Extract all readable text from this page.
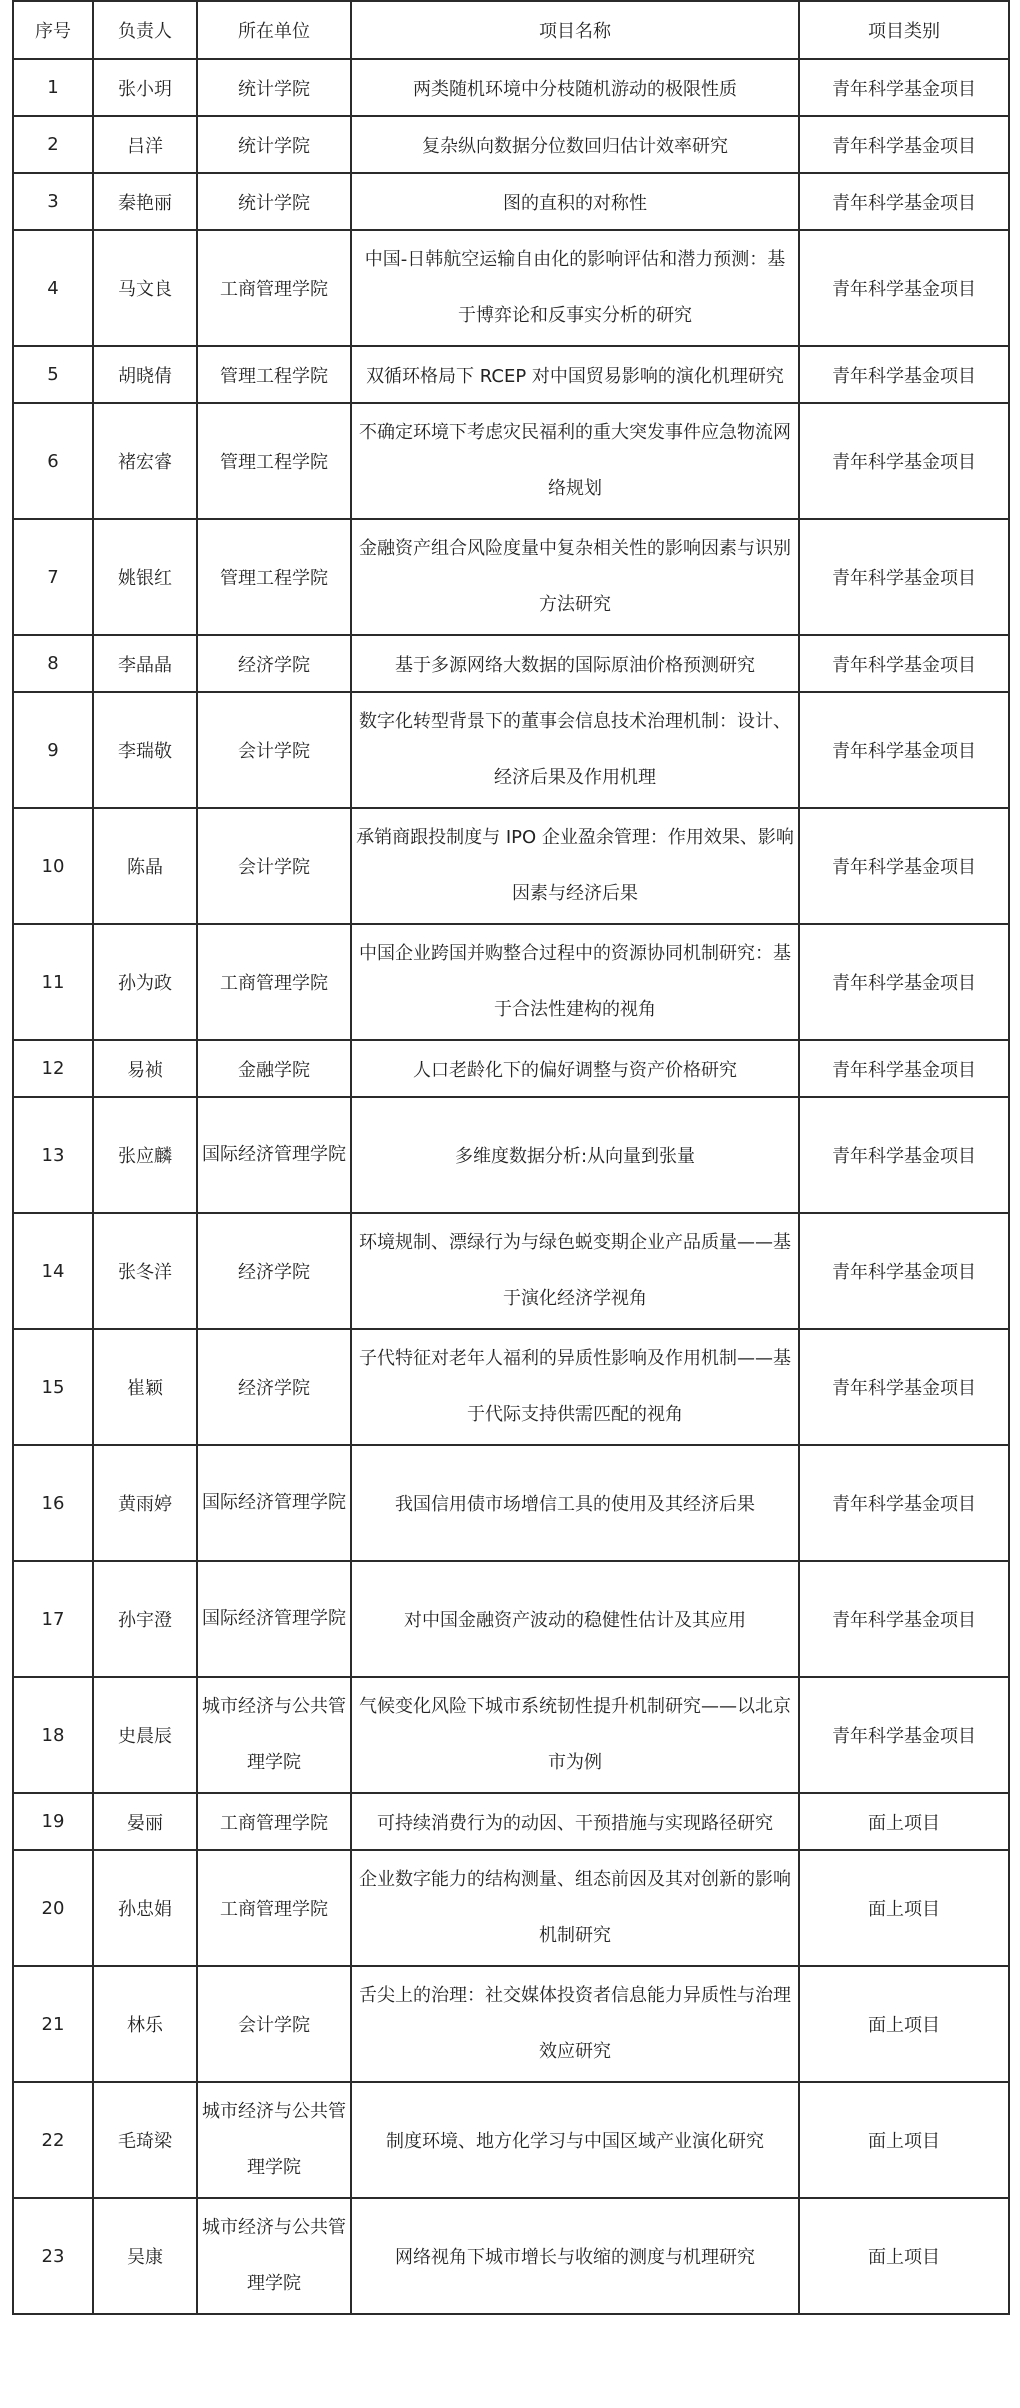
序号	负责人	所在单位	项目名称	项目类别
1	张小玥	统计学院	两类随机环境中分枝随机游动的极限性质	青年科学基金项目
2	吕洋	统计学院	复杂纵向数据分位数回归估计效率研究	青年科学基金项目
3	秦艳丽	统计学院	图的直积的对称性	青年科学基金项目
4	马文良	工商管理学院	中国-日韩航空运输自由化的影响评估和潜力预测：基于博弈论和反事实分析的研究	青年科学基金项目
5	胡晓倩	管理工程学院	双循环格局下 RCEP 对中国贸易影响的演化机理研究	青年科学基金项目
6	褚宏睿	管理工程学院	不确定环境下考虑灾民福利的重大突发事件应急物流网络规划	青年科学基金项目
7	姚银红	管理工程学院	金融资产组合风险度量中复杂相关性的影响因素与识别方法研究	青年科学基金项目
8	李晶晶	经济学院	基于多源网络大数据的国际原油价格预测研究	青年科学基金项目
9	李瑞敬	会计学院	数字化转型背景下的董事会信息技术治理机制：设计、经济后果及作用机理	青年科学基金项目
10	陈晶	会计学院	承销商跟投制度与 IPO 企业盈余管理：作用效果、影响因素与经济后果	青年科学基金项目
11	孙为政	工商管理学院	中国企业跨国并购整合过程中的资源协同机制研究：基于合法性建构的视角	青年科学基金项目
12	易祯	金融学院	人口老龄化下的偏好调整与资产价格研究	青年科学基金项目
13	张应麟	国际经济管理学院	多维度数据分析:从向量到张量	青年科学基金项目
14	张冬洋	经济学院	环境规制、漂绿行为与绿色蜕变期企业产品质量——基于演化经济学视角	青年科学基金项目
15	崔颖	经济学院	子代特征对老年人福利的异质性影响及作用机制——基于代际支持供需匹配的视角	青年科学基金项目
16	黄雨婷	国际经济管理学院	我国信用债市场增信工具的使用及其经济后果	青年科学基金项目
17	孙宇澄	国际经济管理学院	对中国金融资产波动的稳健性估计及其应用	青年科学基金项目
18	史晨辰	城市经济与公共管理学院	气候变化风险下城市系统韧性提升机制研究——以北京市为例	青年科学基金项目
19	晏丽	工商管理学院	可持续消费行为的动因、干预措施与实现路径研究	面上项目
20	孙忠娟	工商管理学院	企业数字能力的结构测量、组态前因及其对创新的影响机制研究	面上项目
21	林乐	会计学院	舌尖上的治理：社交媒体投资者信息能力异质性与治理效应研究	面上项目
22	毛琦梁	城市经济与公共管理学院	制度环境、地方化学习与中国区域产业演化研究	面上项目
23	吴康	城市经济与公共管理学院	网络视角下城市增长与收缩的测度与机理研究	面上项目
